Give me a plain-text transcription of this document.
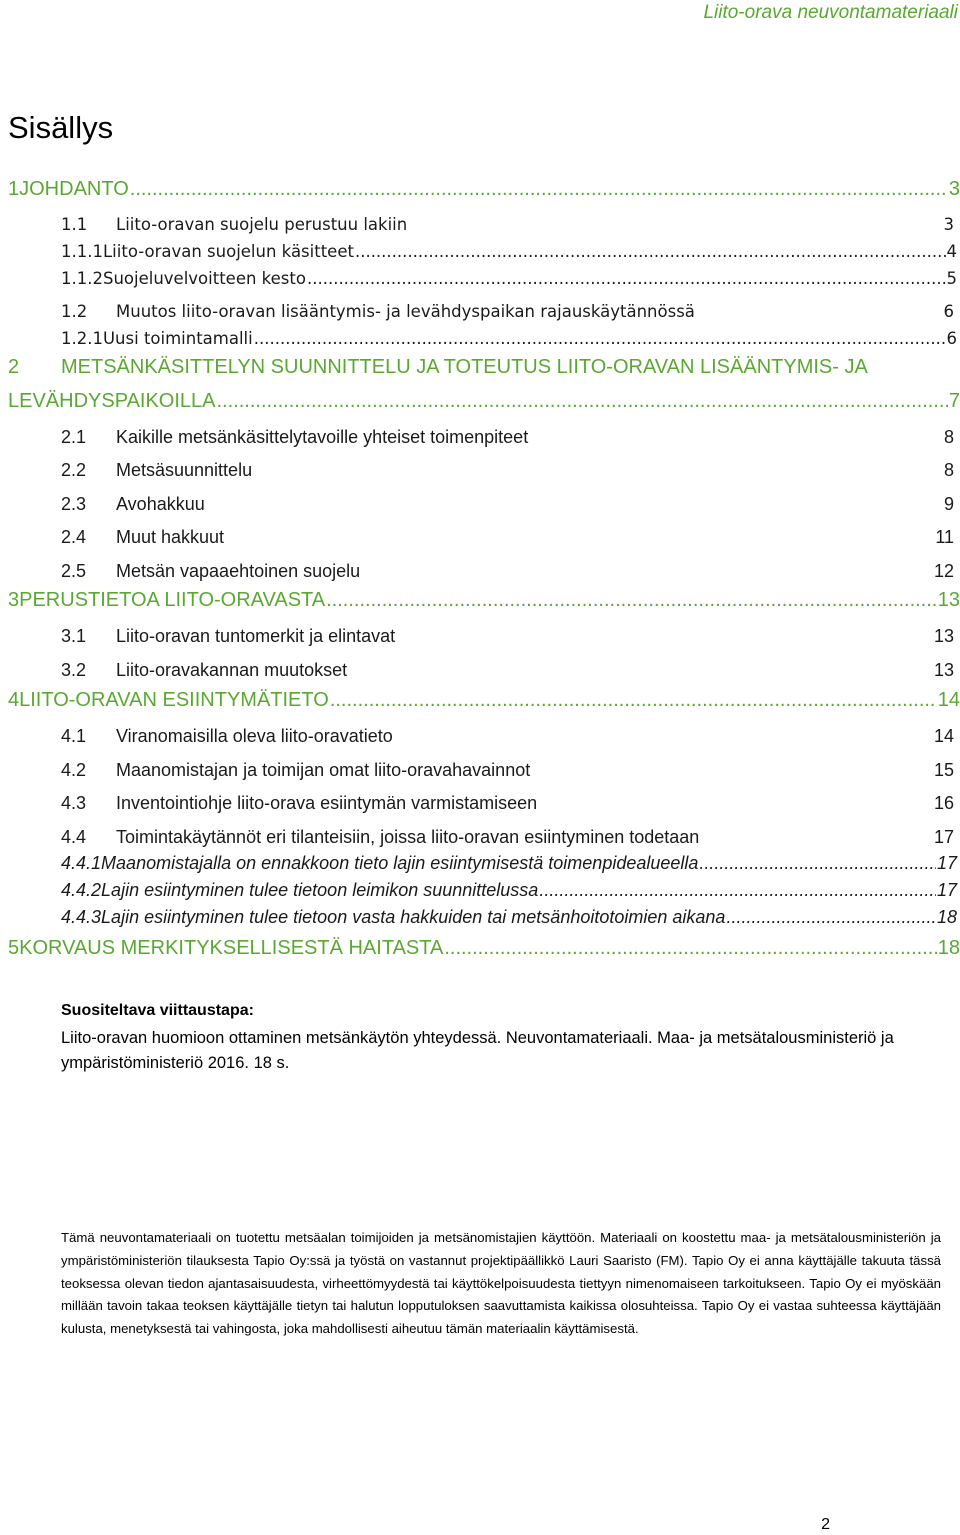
Liito-orava neuvontamateriaali
Sisällys
1 JOHDANTO .....	3
1.1	Liito-oravan suojelu perustuu lakiin	3
1.1.1 Liito-oravan suojelun käsitteet .....	4
1.1.2 Suojeluvelvoitteen kesto .....	5
1.2	Muutos liito-oravan lisääntymis- ja levähdyspaikan rajauskäytännössä	6
1.2.1 Uusi toimintamalli .....	6
2	METSÄNKÄSITTELYN SUUNNITTELU JA TOTEUTUS LIITO-ORAVAN LISÄÄNTYMIS- JA
LEVÄHDYSPAIKOILLA .....	7
2.1	Kaikille metsänkäsittelytavoille yhteiset toimenpiteet	8
2.2	Metsäsuunnittelu	8
2.3	Avohakkuu	9
2.4	Muut hakkuut	11
2.5	Metsän vapaaehtoinen suojelu	12
3 PERUSTIETOA LIITO-ORAVASTA .....	13
3.1	Liito-oravan tuntomerkit ja elintavat	13
3.2	Liito-oravakannan muutokset	13
4 LIITO-ORAVAN ESIINTYMÄTIETO .....	14
4.1	Viranomaisilla oleva liito-oravatieto	14
4.2	Maanomistajan ja toimijan omat liito-oravahavainnot	15
4.3	Inventointiohje liito-orava esiintymän varmistamiseen	16
4.4	Toimintakäytännöt eri tilanteisiin, joissa liito-oravan esiintyminen todetaan	17
4.4.1 Maanomistajalla on ennakkoon tieto lajin esiintymisestä toimenpidealueella .....	17
4.4.2 Lajin esiintyminen tulee tietoon leimikon suunnittelussa .....	17
4.4.3 Lajin esiintyminen tulee tietoon vasta hakkuiden tai metsänhoitotoimien aikana .....	18
5 KORVAUS MERKITYKSELLISESTÄ HAITASTA .....	18
Suositeltava viittaustapa:
Liito-oravan huomioon ottaminen metsänkäytön yhteydessä. Neuvontamateriaali. Maa- ja metsätalousministeriö ja ympäristöministeriö 2016. 18 s.
Tämä neuvontamateriaali on tuotettu metsäalan toimijoiden ja metsänomistajien käyttöön. Materiaali on koostettu maa- ja metsätalousministeriön ja ympäristöministeriön tilauksesta Tapio Oy:ssä ja työstä on vastannut projektipäällikkö Lauri Saaristo (FM). Tapio Oy ei anna käyttäjälle takuuta tässä teoksessa olevan tiedon ajantasaisuudesta, virheettömyydestä tai käyttökelpoisuudesta tiettyyn nimenomaiseen tarkoitukseen. Tapio Oy ei myöskään millään tavoin takaa teoksen käyttäjälle tietyn tai halutun lopputuloksen saavuttamista kaikissa olosuhteissa. Tapio Oy ei vastaa suhteessa käyttäjään kulusta, menetyksestä tai vahingosta, joka mahdollisesti aiheutuu tämän materiaalin käyttämisestä.
2
